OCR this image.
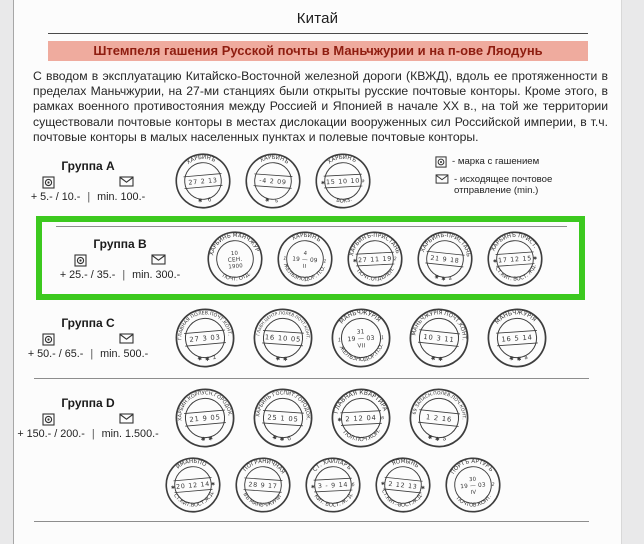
Китай
Штемпеля гашения Русской почты в Маньчжурии и на п-ове Ляодунь

С вводом в эксплуатацию Китайско-Восточной железной дороги (КВЖД), вдоль ее протяженности в пределах Маньчжурии, на 27-ми станциях были открыты русские почтовые конторы. Кроме этого, в рамках военного противостояния между Россией и Японией в начале XX в., на той же территории существовали почтовые конторы в местах дислокации вооруженных сил Российской империи, в т.ч. почтовые конторы в малых населенных пунктах и полевые почтовые конторы.

Группа A
+ 5.- / 10.- | min. 100.-
ХАРБИНЪ
✱    б
27 2 13
ХАРБИНЪ
✱    ь
-4 2 09
ХАРБИНЪ
ВОКЗ.
15 10 10
✱	а
- марка с гашением
- исходящее почтовое отправление (min.)
Группа B
+ 25.- / 35.- | min. 300.-
ХАРБИНЬ МАНЧЖУР
ПОЧТ. ОТД.
10
СЕН.
1900
ХАРБИНЪ
ЖЕЛѢЗНОДОР. П.О.
4
19 — 09
II
1
1
ХАРБИНЪ-ПРИСТАНЬ
ПОЧТ.ОТДѢЛЕН.
27 11 19
✱	2
ХАРБИНЬ-ПРИСТАНЬ
✱  ✱  a
21 9 18
ХАРБИНЪ ПРИСТ.
СТ.КИТ. ВОСТ. ЖД.
17 12 15
✱
✱
Группа C
+ 50.- / 65.- | min. 500.-
ГЛАВНАЯ ПОЛЕВ.ПОЧТ.КОНТ.
✱  ✱  2
27 3 03	ГЛАВН.ЦЕНТР.ПОЛЕВ.ПОЧТ.КОНТ.
✱  ✱
16 10 05
МАНЬЧЖУРІЯ
ЖЕЛѢЗНОДОР.П.О.
31
19 — 03
VII
1	1
МАНЬЧЖУРІЯ ПОЧТ.КОНТ.
✱  ✱
10 3 11
МАНЬЧЖУРІЯ
✱  ✱  a
16 5 14
Группа D
+ 150.- / 200.- | min. 1.500.-
ХАРБИН.КОРПУСН.ГОРОДОК.
✱  ✱
21 9 05	ХАРБИНЬ ГОСПИТ.ГОРОДОК.
✱  ✱  б
25 1 05
ГЛАВНАЯ КВАРТИРА
ПОЛ.ПОЧ.КОН.
2 12 04
✱	в
69 ЗАПАСН.ПОЛЕВ.ПОЧ.КОНТ.
✱  ✱  а
1 2 16
ИМАНЬПО
СТ.КИТ.ВОСТ.Ж.Д.
20 12 14
✱
✱
ПОГРАНИЧНАЯ
ВЪ МАНЬЧЖУРІИ
28 9 17
СТ. ХАЙЛАРЪ
КИТ. ВОСТ. Ж. Д.
3 - 9 14
✱	б
ЯОМЫНЬ
СТ.КИТ.-ВОСТ.Ж.Д.
2 12 13
✱
✱
ПОРТЪ АРТУРЪ
ПОЧТОВ.КОНТ.
30
19 — 03
IV
2
